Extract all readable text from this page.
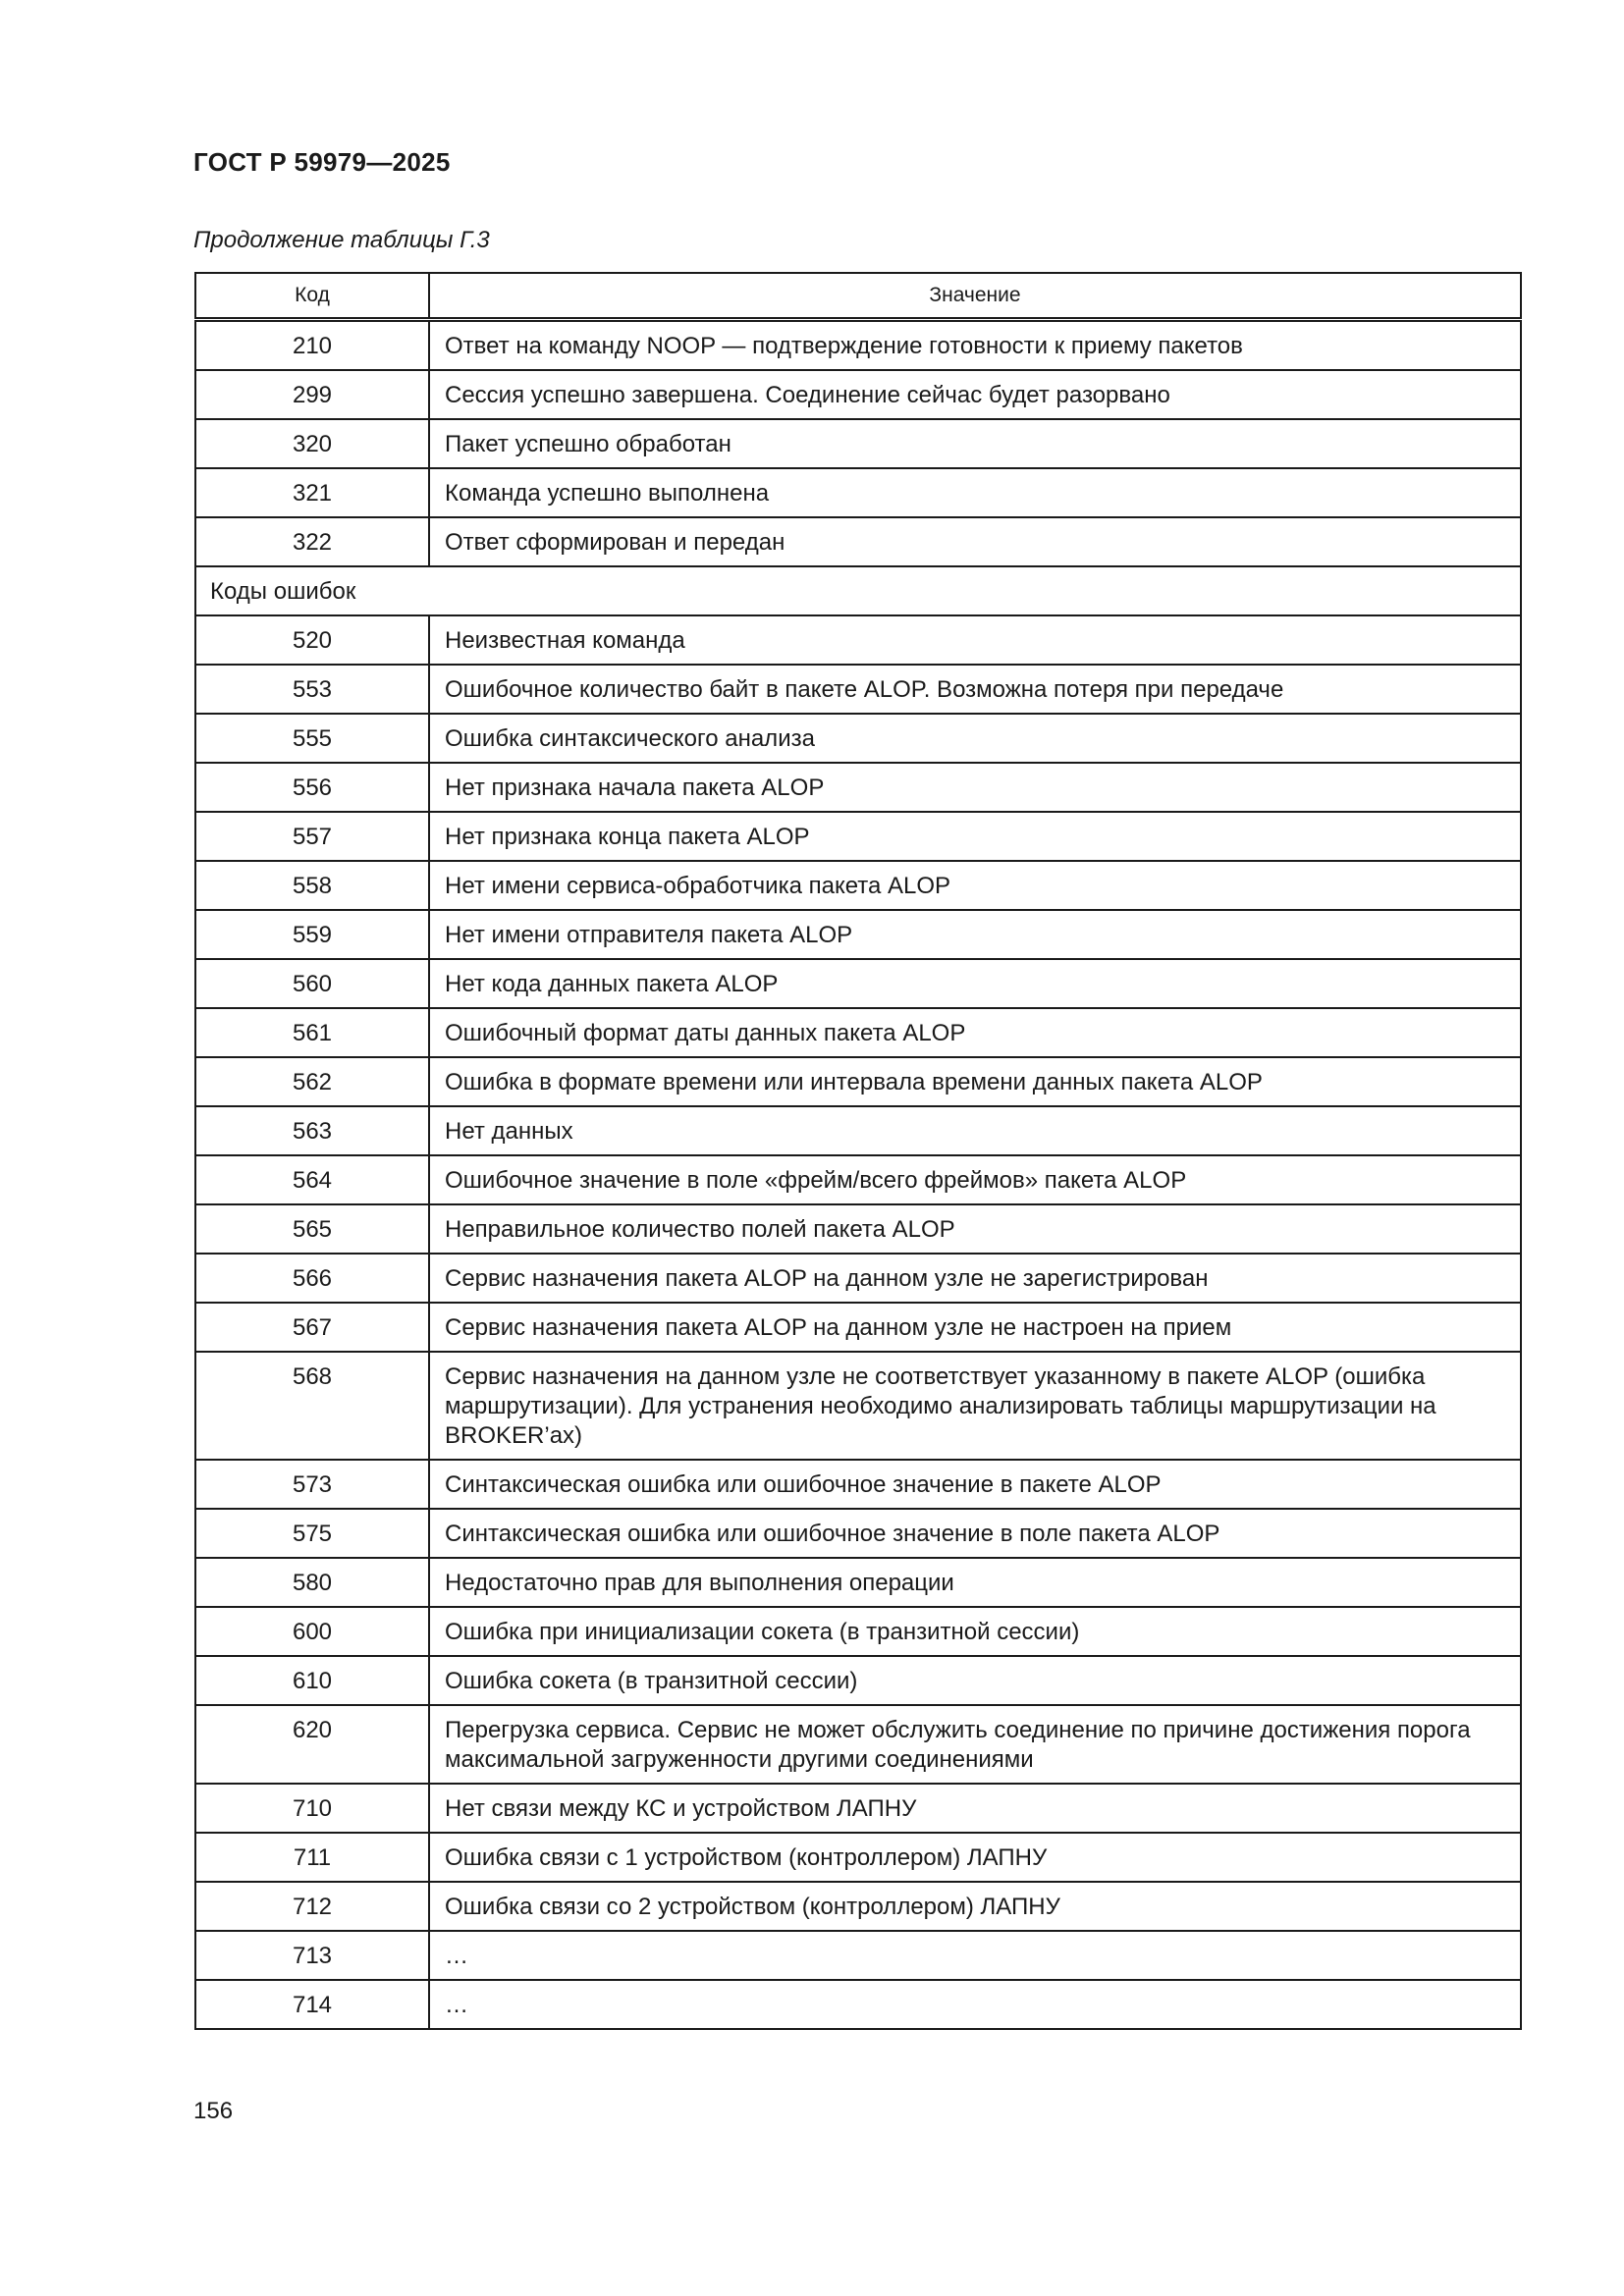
ГОСТ Р 59979—2025
Продолжение таблицы Г.3
Код	Значение
210	Ответ на команду NOOP — подтверждение готовности к приему пакетов
299	Сессия успешно завершена. Соединение сейчас будет разорвано
320	Пакет успешно обработан
321	Команда успешно выполнена
322	Ответ сформирован и передан
Коды ошибок	
520	Неизвестная команда
553	Ошибочное количество байт в пакете ALOP. Возможна потеря при передаче
555	Ошибка синтаксического анализа
556	Нет признака начала пакета ALOP
557	Нет признака конца пакета ALOP
558	Нет имени сервиса-обработчика пакета ALOP
559	Нет имени отправителя пакета ALOP
560	Нет кода данных пакета ALOP
561	Ошибочный формат даты данных пакета ALOP
562	Ошибка в формате времени или интервала времени данных пакета ALOP
563	Нет данных
564	Ошибочное значение в поле «фрейм/всего фреймов» пакета ALOP
565	Неправильное количество полей пакета ALOP
566	Сервис назначения пакета ALOP на данном узле не зарегистрирован
567	Сервис назначения пакета ALOP на данном узле не настроен на прием
568	Сервис назначения на данном узле не соответствует указанному в пакете ALOP (ошибка маршрутизации). Для устранения необходимо анализировать таблицы маршрутизации на BROKER’ах)
573	Синтаксическая ошибка или ошибочное значение в пакете ALOP
575	Синтаксическая ошибка или ошибочное значение в поле пакета ALOP
580	Недостаточно прав для выполнения операции
600	Ошибка при инициализации сокета (в транзитной сессии)
610	Ошибка сокета (в транзитной сессии)
620	Перегрузка сервиса. Сервис не может обслужить соединение по причине достижения порога максимальной загруженности другими соединениями
710	Нет связи между КС и устройством ЛАПНУ
711	Ошибка связи с 1 устройством (контроллером) ЛАПНУ
712	Ошибка связи со 2 устройством (контроллером) ЛАПНУ
713	…
714	…
156
